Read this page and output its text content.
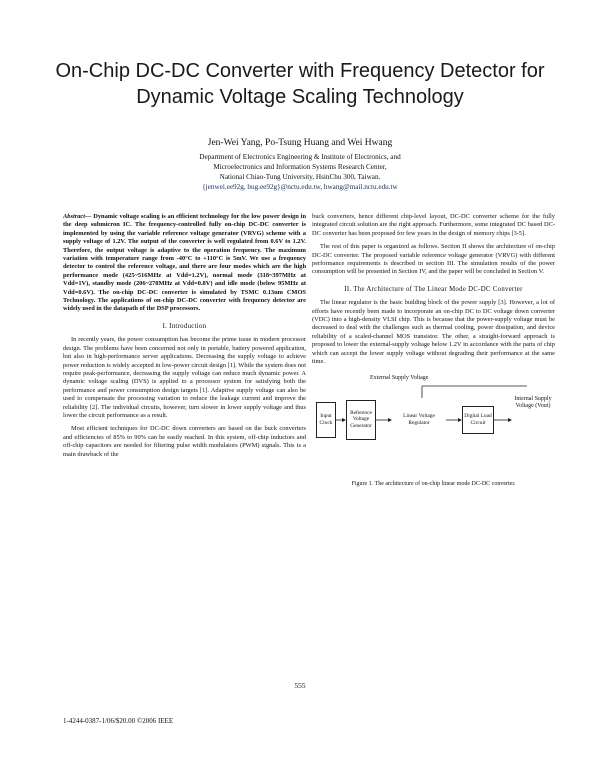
On-Chip DC-DC Converter with Frequency Detector for Dynamic Voltage Scaling Technology
Jen-Wei Yang, Po-Tsung Huang and Wei Hwang
Department of Electronics Engineering & Institute of Electronics, and
Microelectronics and Information Systems Research Center,
National Chiao-Tung University, HsinChu 300, Taiwan.
{jenwei.ee92g, bug.ee92g}@nctu.edu.tw, hwang@mail.nctu.edu.tw

Abstract— Dynamic voltage scaling is an efficient technology for the low power design in the deep submicron IC. The frequency-controlled fully on-chip DC-DC converter is implemented by using the variable reference voltage generator (VRVG) scheme with a supply voltage of 1.2V. The output of the converter is well regulated from 0.6V to 1.2V. Therefore, the output voltage is adaptive to the operation frequency. The maximum variation with temperature range from -40°C to +110°C is 5mV. We use a frequency detector to control the reference voltage, and there are four modes which are the high performance mode (425~516MHz at Vdd=1.2V), normal mode (318~397MHz at Vdd=1V), standby mode (206~278MHz at Vdd=0.8V) and idle mode (below 95MHz at Vdd=0.6V). The on-chip DC-DC converter is simulated by TSMC 0.13um CMOS Technology. The applications of on-chip DC-DC converter with frequency detector are widely used in the datapath of the DSP processors.

I. Introduction

In recently years, the power consumption has become the prime issue in modern processor design. The problems have been concerned not only in portable, battery powered application, but also in high-performance server applications. Decreasing the supply voltage to achieve power reduction is widely accepted in low-power circuit design [1]. While the system does not require peak-performance, decreasing the supply voltage can reduce much dynamic power. A dynamic voltage scaling (DVS) is applied to a processor system for satisfying both the performance and power consumption design targets [1]. Adaptive supply voltage can also be used to compensate the processing variation to reduce the leakage current and improve the reliability [2]. The individual circuits, however, turn slower in lower supply voltage and thus lower the circuit performance as a result.

Most efficient techniques for DC-DC down converters are based on the buck converters and efficiencies of 85% to 90% can be easily reached. In this system, off-chip inductors and off-chip capacitors are needed for filtering pulse width modulators (PWM) signals. This is a main drawback of the

buck converters, hence different chip-level layout, DC-DC converter scheme for the fully integrated circuit solution are the right approach. Furthermore, some integrated DC based DC-DC converter has been proposed for few years in the design of memory chips [3-5].

The rest of this paper is organized as follows. Section II shows the architecture of on-chip DC-DC converter. The proposed variable reference voltage generator (VRVG) with different performance requirements is described in section III. The simulation results of the power consumption will be presented in Section IV, and the paper will be concluded in Section V.

II. The Architecture of The Linear Mode DC-DC Converter

The linear regulator is the basic building block of the power supply [3]. However, a lot of efforts have recently been made to incorporate an on-chip DC to DC voltage down converter (VDC) into a high-density VLSI chip. This is because that the power-supply voltage must be decreased to deal with the challenges such as thermal cooling, power dissipation, and device reliability of a scaled-channel MOS transistor. The other, a straight-forward approach is proposed to lower the external-supply voltage below 1.2V in accordance with the parts of chip which can accept the lower supply voltage without degrading their performance at the same time.

External Supply Voltage
Input Clock
Reference Voltage Generator
Linear Voltage Regulator
Digital Load Circuit
Internal Supply Voltage (Vout)
Figure 1. The architecture of on-chip linear mode DC-DC converter.
555
1-4244-0387-1/06/$20.00 ©2006 IEEE
